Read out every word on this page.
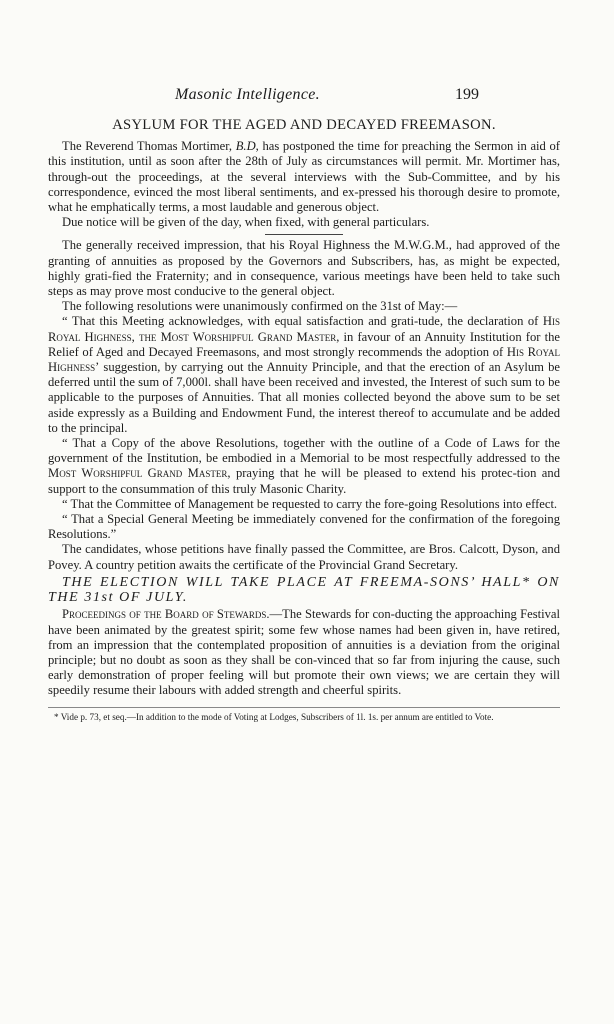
Masonic Intelligence.	199
ASYLUM FOR THE AGED AND DECAYED FREEMASON.

The Reverend Thomas Mortimer, B.D, has postponed the time for preaching the Sermon in aid of this institution, until as soon after the 28th of July as circumstances will permit. Mr. Mortimer has, through-out the proceedings, at the several interviews with the Sub-Committee, and by his correspondence, evinced the most liberal sentiments, and ex-pressed his thorough desire to promote, what he emphatically terms, a most laudable and generous object.

Due notice will be given of the day, when fixed, with general particulars.

The generally received impression, that his Royal Highness the M.W.G.M., had approved of the granting of annuities as proposed by the Governors and Subscribers, has, as might be expected, highly grati-fied the Fraternity; and in consequence, various meetings have been held to take such steps as may prove most conducive to the general object.

The following resolutions were unanimously confirmed on the 31st of May:—

“ That this Meeting acknowledges, with equal satisfaction and grati-tude, the declaration of His Royal Highness, the Most Worshipful Grand Master, in favour of an Annuity Institution for the Relief of Aged and Decayed Freemasons, and most strongly recommends the adoption of His Royal Highness’ suggestion, by carrying out the Annuity Principle, and that the erection of an Asylum be deferred until the sum of 7,000l. shall have been received and invested, the Interest of such sum to be applicable to the purposes of Annuities. That all monies collected beyond the above sum to be set aside expressly as a Building and Endowment Fund, the interest thereof to accumulate and be added to the principal.

“ That a Copy of the above Resolutions, together with the outline of a Code of Laws for the government of the Institution, be embodied in a Memorial to be most respectfully addressed to the Most Worshipful Grand Master, praying that he will be pleased to extend his protec-tion and support to the consummation of this truly Masonic Charity.

“ That the Committee of Management be requested to carry the fore-going Resolutions into effect.

“ That a Special General Meeting be immediately convened for the confirmation of the foregoing Resolutions.”

The candidates, whose petitions have finally passed the Committee, are Bros. Calcott, Dyson, and Povey. A country petition awaits the certificate of the Provincial Grand Secretary.

THE ELECTION WILL TAKE PLACE AT FREEMA-SONS’ HALL* ON THE 31st OF JULY.

Proceedings of the Board of Stewards.—The Stewards for con-ducting the approaching Festival have been animated by the greatest spirit; some few whose names had been given in, have retired, from an impression that the contemplated proposition of annuities is a deviation from the original principle; but no doubt as soon as they shall be con-vinced that so far from injuring the cause, such early demonstration of proper feeling will but promote their own views; we are certain they will speedily resume their labours with added strength and cheerful spirits.

* Vide p. 73, et seq.—In addition to the mode of Voting at Lodges, Subscribers of 1l. 1s. per annum are entitled to Vote.
